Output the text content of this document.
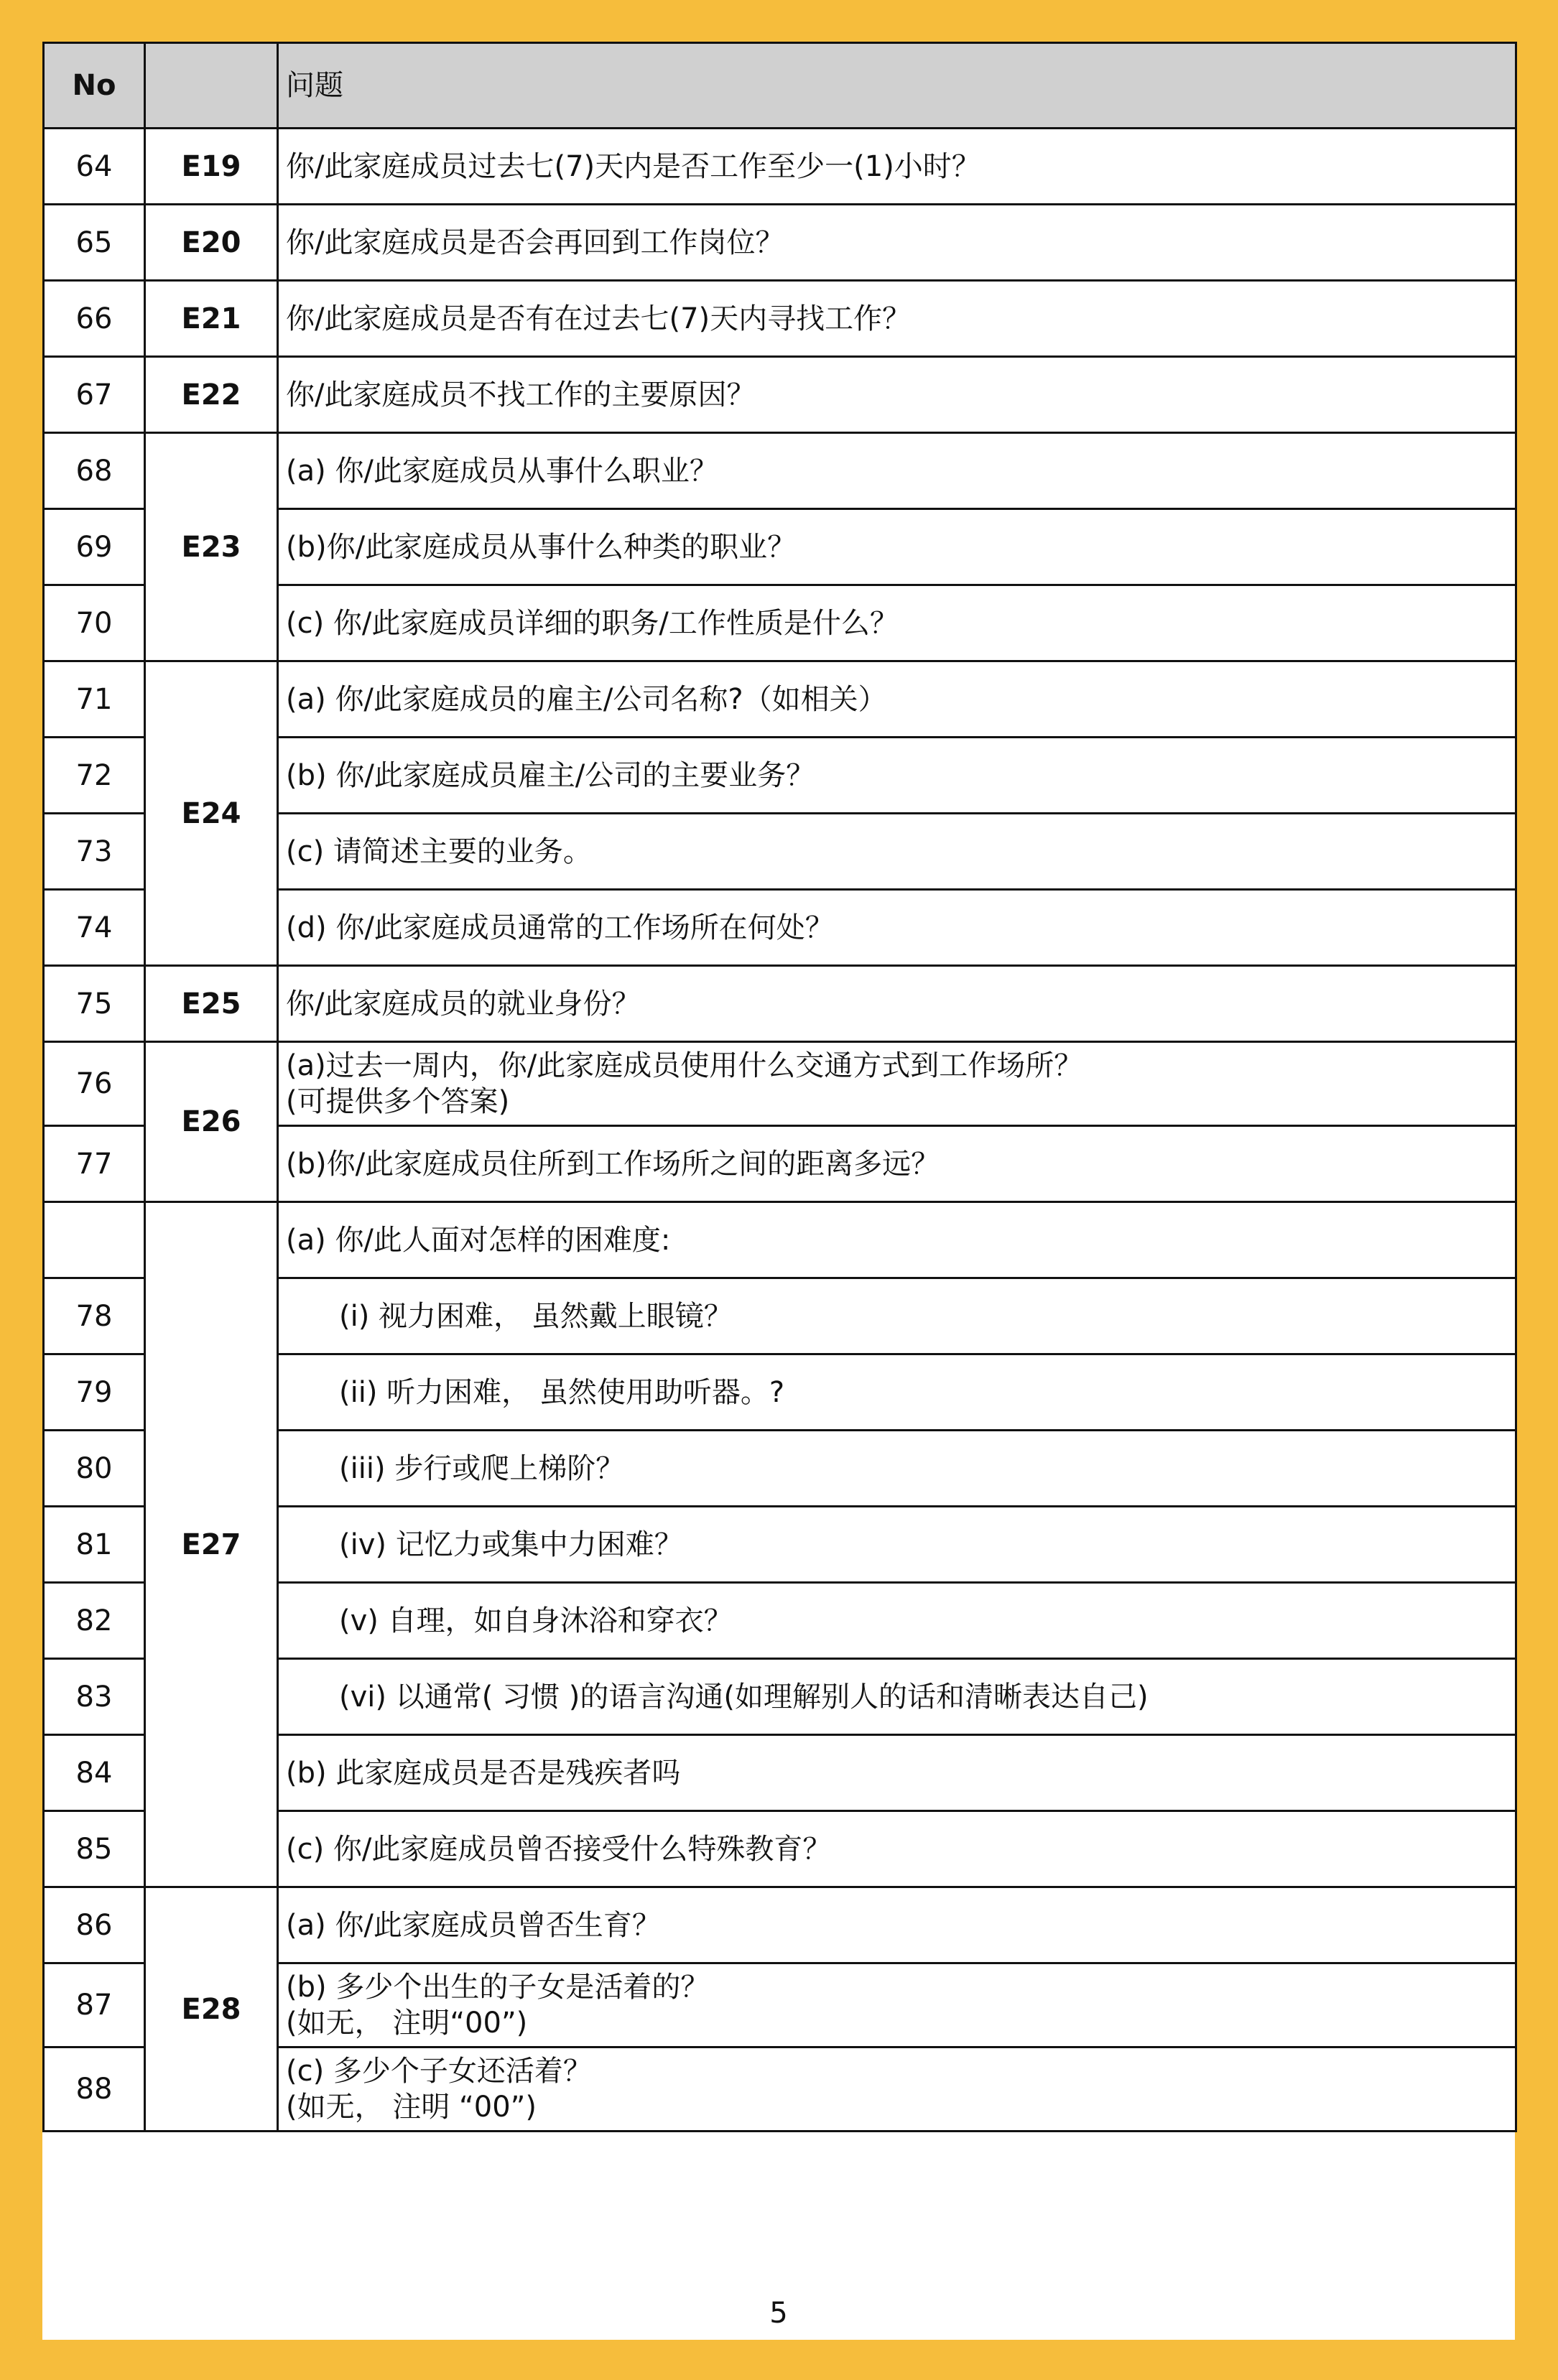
No		问题
64	E19	你/此家庭成员过去七(7)天内是否工作至少一(1)小时？
65	E20	你/此家庭成员是否会再回到工作岗位？
66	E21	你/此家庭成员是否有在过去七(7)天内寻找工作？
67	E22	你/此家庭成员不找工作的主要原因？
68	E23	(a) 你/此家庭成员从事什么职业？
69		(b)你/此家庭成员从事什么种类的职业？
70		(c) 你/此家庭成员详细的职务/工作性质是什么？
71	E24	(a) 你/此家庭成员的雇主/公司名称?（如相关）
72		(b) 你/此家庭成员雇主/公司的主要业务？
73		(c) 请简述主要的业务。
74		(d) 你/此家庭成员通常的工作场所在何处？
75	E25	你/此家庭成员的就业身份？
76	E26	(a)过去一周内，你/此家庭成员使用什么交通方式到工作场所？
(可提供多个答案)

77		(b)你/此家庭成员住所到工作场所之间的距离多远？
	E27	(a) 你/此人面对怎样的困难度:
78		(i) 视力困难， 虽然戴上眼镜？
79		(ii) 听力困难， 虽然使用助听器。?
80		(iii) 步行或爬上梯阶？
81		(iv) 记忆力或集中力困难？
82		(v) 自理，如自身沐浴和穿衣？
83		(vi) 以通常( 习惯 )的语言沟通(如理解别人的话和清晰表达自己)
84		(b) 此家庭成员是否是残疾者吗
85		(c) 你/此家庭成员曾否接受什么特殊教育？
86	E28	(a) 你/此家庭成员曾否生育？
87		(b) 多少个出生的子女是活着的？
(如无， 注明“00”)

88		(c) 多少个子女还活着？
(如无， 注明 “00”)
5
